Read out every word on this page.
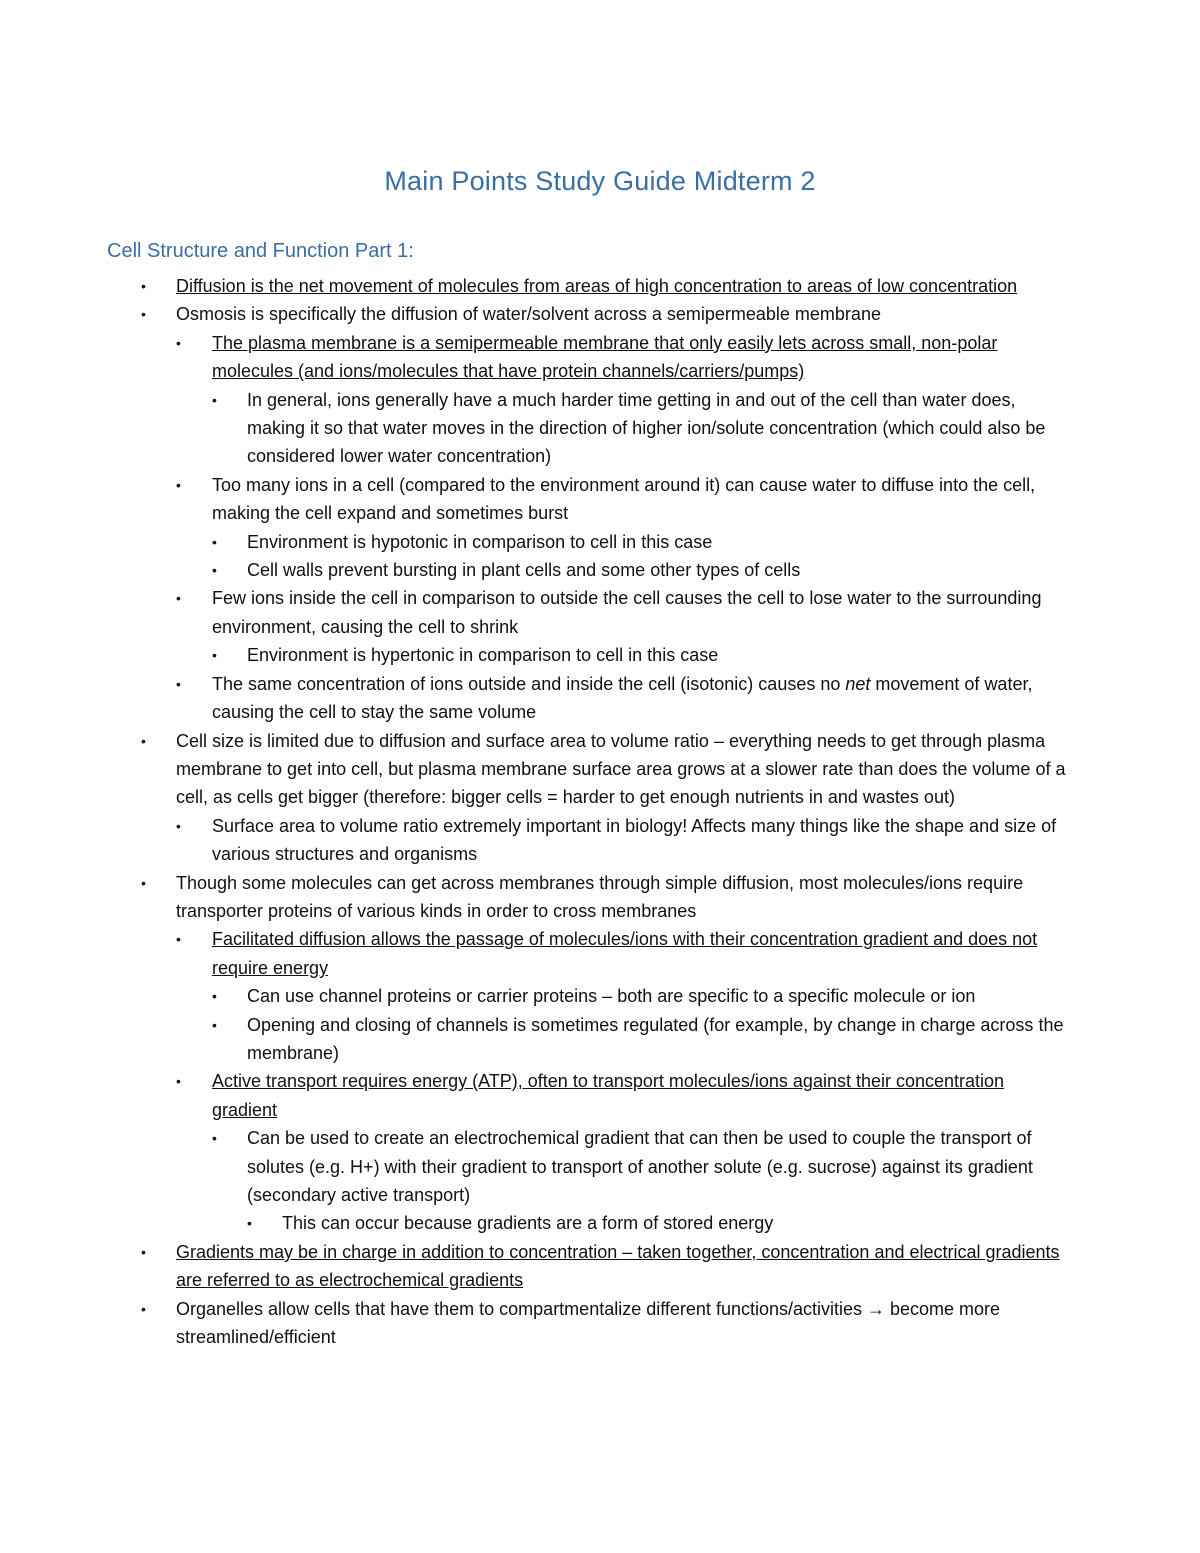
Main Points Study Guide Midterm 2
Cell Structure and Function Part 1:
• Diffusion is the net movement of molecules from areas of high concentration to areas of low concentration
• Osmosis is specifically the diffusion of water/solvent across a semipermeable membrane
• The plasma membrane is a semipermeable membrane that only easily lets across small, non-polar molecules (and ions/molecules that have protein channels/carriers/pumps)
• In general, ions generally have a much harder time getting in and out of the cell than water does, making it so that water moves in the direction of higher ion/solute concentration (which could also be considered lower water concentration)
• Too many ions in a cell (compared to the environment around it) can cause water to diffuse into the cell, making the cell expand and sometimes burst
• Environment is hypotonic in comparison to cell in this case
• Cell walls prevent bursting in plant cells and some other types of cells
• Few ions inside the cell in comparison to outside the cell causes the cell to lose water to the surrounding environment, causing the cell to shrink
• Environment is hypertonic in comparison to cell in this case
• The same concentration of ions outside and inside the cell (isotonic) causes no net movement of water, causing the cell to stay the same volume
• Cell size is limited due to diffusion and surface area to volume ratio – everything needs to get through plasma membrane to get into cell, but plasma membrane surface area grows at a slower rate than does the volume of a cell, as cells get bigger (therefore: bigger cells = harder to get enough nutrients in and wastes out)
• Surface area to volume ratio extremely important in biology! Affects many things like the shape and size of various structures and organisms
• Though some molecules can get across membranes through simple diffusion, most molecules/ions require transporter proteins of various kinds in order to cross membranes
• Facilitated diffusion allows the passage of molecules/ions with their concentration gradient and does not require energy
• Can use channel proteins or carrier proteins – both are specific to a specific molecule or ion
• Opening and closing of channels is sometimes regulated (for example, by change in charge across the membrane)
• Active transport requires energy (ATP), often to transport molecules/ions against their concentration gradient
• Can be used to create an electrochemical gradient that can then be used to couple the transport of solutes (e.g. H+) with their gradient to transport of another solute (e.g. sucrose) against its gradient (secondary active transport)
• This can occur because gradients are a form of stored energy
• Gradients may be in charge in addition to concentration – taken together, concentration and electrical gradients are referred to as electrochemical gradients
• Organelles allow cells that have them to compartmentalize different functions/activities → become more streamlined/efficient
